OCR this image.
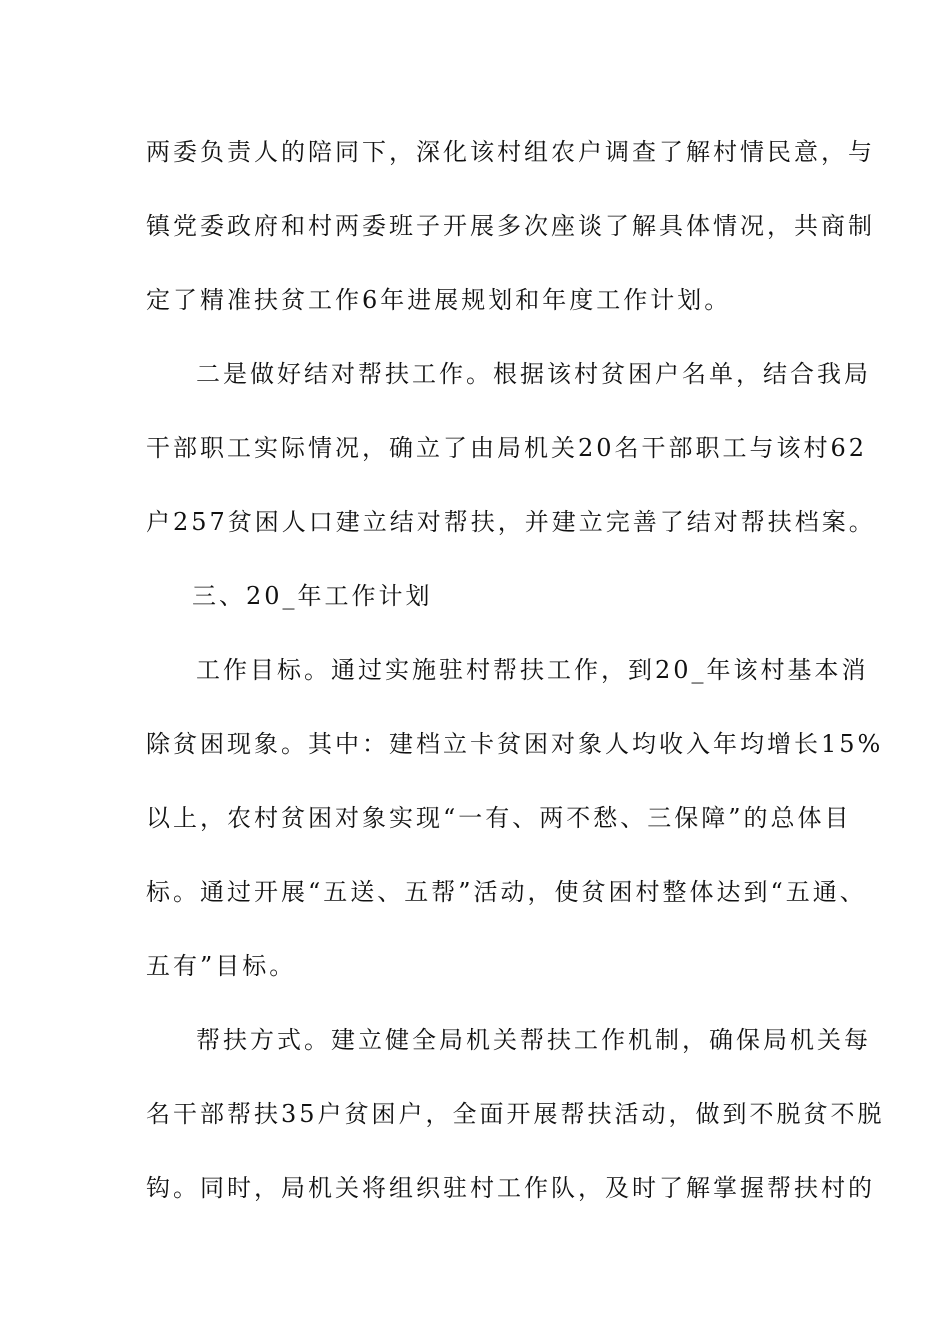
两委负责人的陪同下，深化该村组农户调查了解村情民意，与
镇党委政府和村两委班子开展多次座谈了解具体情况，共商制
定了精准扶贫工作6年进展规划和年度工作计划。
二是做好结对帮扶工作。根据该村贫困户名单，结合我局
干部职工实际情况，确立了由局机关20名干部职工与该村62
户257贫困人口建立结对帮扶，并建立完善了结对帮扶档案。
三、20_年工作计划
工作目标。通过实施驻村帮扶工作，到20_年该村基本消
除贫困现象。其中：建档立卡贫困对象人均收入年均增长15%
以上，农村贫困对象实现“一有、两不愁、三保障”的总体目
标。通过开展“五送、五帮”活动，使贫困村整体达到“五通、
五有”目标。
帮扶方式。建立健全局机关帮扶工作机制，确保局机关每
名干部帮扶35户贫困户，全面开展帮扶活动，做到不脱贫不脱
钩。同时，局机关将组织驻村工作队，及时了解掌握帮扶村的
